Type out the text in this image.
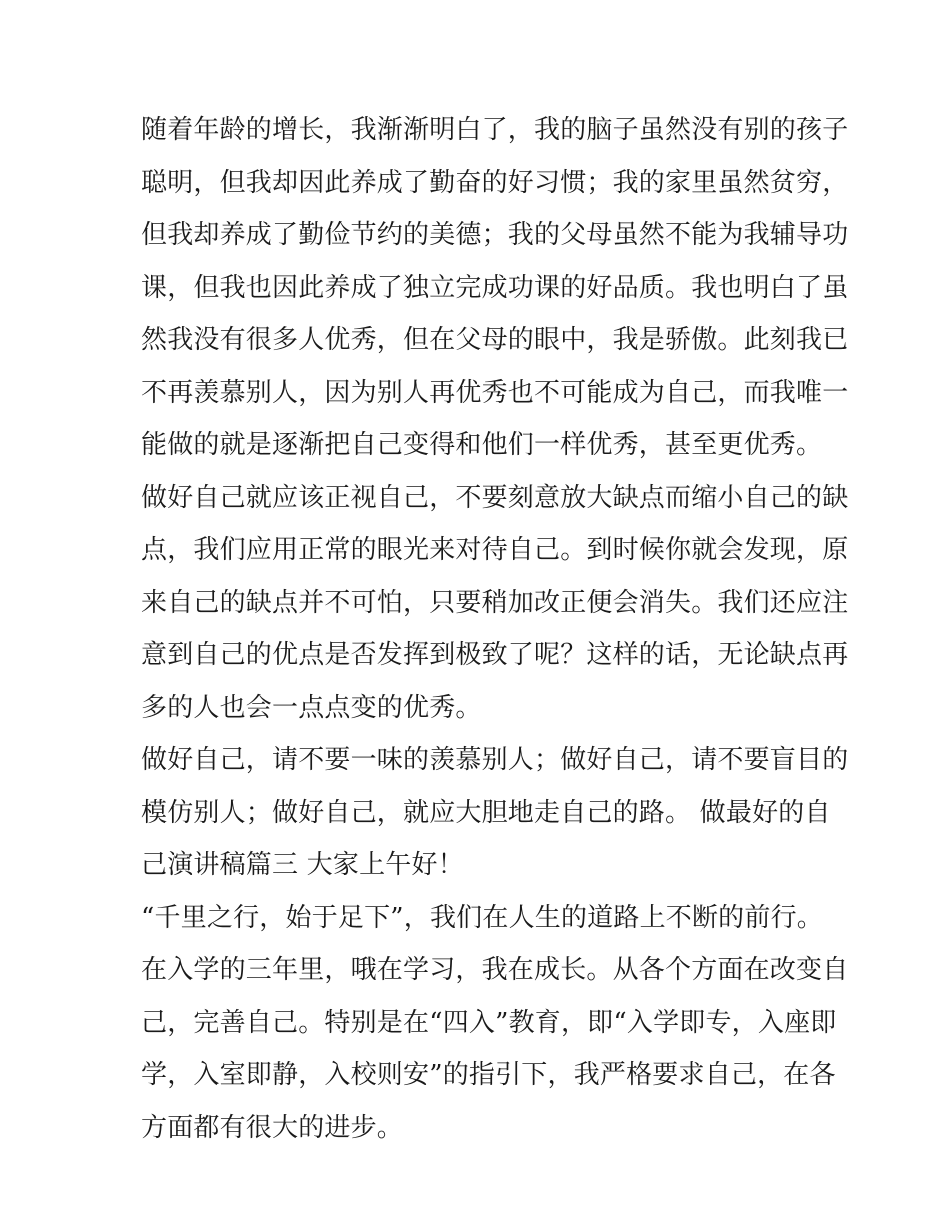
随着年龄的增长，我渐渐明白了，我的脑子虽然没有别的孩子
聪明，但我却因此养成了勤奋的好习惯；我的家里虽然贫穷，
但我却养成了勤俭节约的美德；我的父母虽然不能为我辅导功
课，但我也因此养成了独立完成功课的好品质。我也明白了虽
然我没有很多人优秀，但在父母的眼中，我是骄傲。此刻我已
不再羡慕别人，因为别人再优秀也不可能成为自己，而我唯一
能做的就是逐渐把自己变得和他们一样优秀，甚至更优秀。
做好自己就应该正视自己，不要刻意放大缺点而缩小自己的缺
点，我们应用正常的眼光来对待自己。到时候你就会发现，原
来自己的缺点并不可怕，只要稍加改正便会消失。我们还应注
意到自己的优点是否发挥到极致了呢？这样的话，无论缺点再
多的人也会一点点变的优秀。
做好自己，请不要一味的羡慕别人；做好自己，请不要盲目的
模仿别人；做好自己，就应大胆地走自己的路。 做最好的自
己演讲稿篇三 大家上午好！
“千里之行，始于足下”，我们在人生的道路上不断的前行。
在入学的三年里，哦在学习，我在成长。从各个方面在改变自
己，完善自己。特别是在“四入”教育，即“入学即专，入座即
学，入室即静，入校则安”的指引下，我严格要求自己，在各
方面都有很大的进步。
